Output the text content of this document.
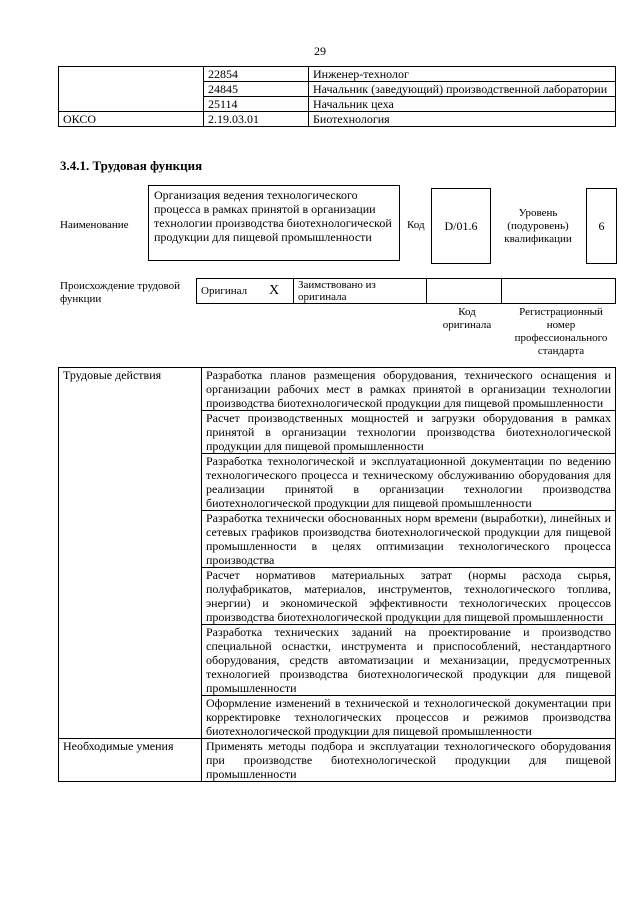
29
	22854	Инженер-технолог
	24845	Начальник (заведующий) производственной лаборатории
	25114	Начальник цеха
ОКСО	2.19.03.01	Биотехнология
3.4.1. Трудовая функция
Наименование
Организация ведения технологического процесса в рамках принятой в организации технологии производства биотехнологической продукции для пищевой промышленности
Код	D/01.6
Уровень (подуровень) квалификации
6
Происхождение трудовой функции
Оригинал	X	Заимствовано из оригинала		
Код оригинала
Регистрационный номер профессионального стандарта
Трудовые действия	Разработка планов размещения оборудования, технического оснащения и организации рабочих мест в рамках принятой в организации технологии производства биотехнологической продукции для пищевой промышленности
	Расчет производственных мощностей и загрузки оборудования в рамках принятой в организации технологии производства биотехнологической продукции для пищевой промышленности
	Разработка технологической и эксплуатационной документации по ведению технологического процесса и техническому обслуживанию оборудования для реализации принятой в организации технологии производства биотехнологической продукции для пищевой промышленности
	Разработка технически обоснованных норм времени (выработки), линейных и сетевых графиков производства биотехнологической продукции для пищевой промышленности в целях оптимизации технологического процесса производства
	Расчет нормативов материальных затрат (нормы расхода сырья, полуфабрикатов, материалов, инструментов, технологического топлива, энергии) и экономической эффективности технологических процессов производства биотехнологической продукции для пищевой промышленности
	Разработка технических заданий на проектирование и производство специальной оснастки, инструмента и приспособлений, нестандартного оборудования, средств автоматизации и механизации, предусмотренных технологией производства биотехнологической продукции для пищевой промышленности
	Оформление изменений в технической и технологической документации при корректировке технологических процессов и режимов производства биотехнологической продукции для пищевой промышленности
Необходимые умения	Применять методы подбора и эксплуатации технологического оборудования при производстве биотехнологической продукции для пищевой промышленности
